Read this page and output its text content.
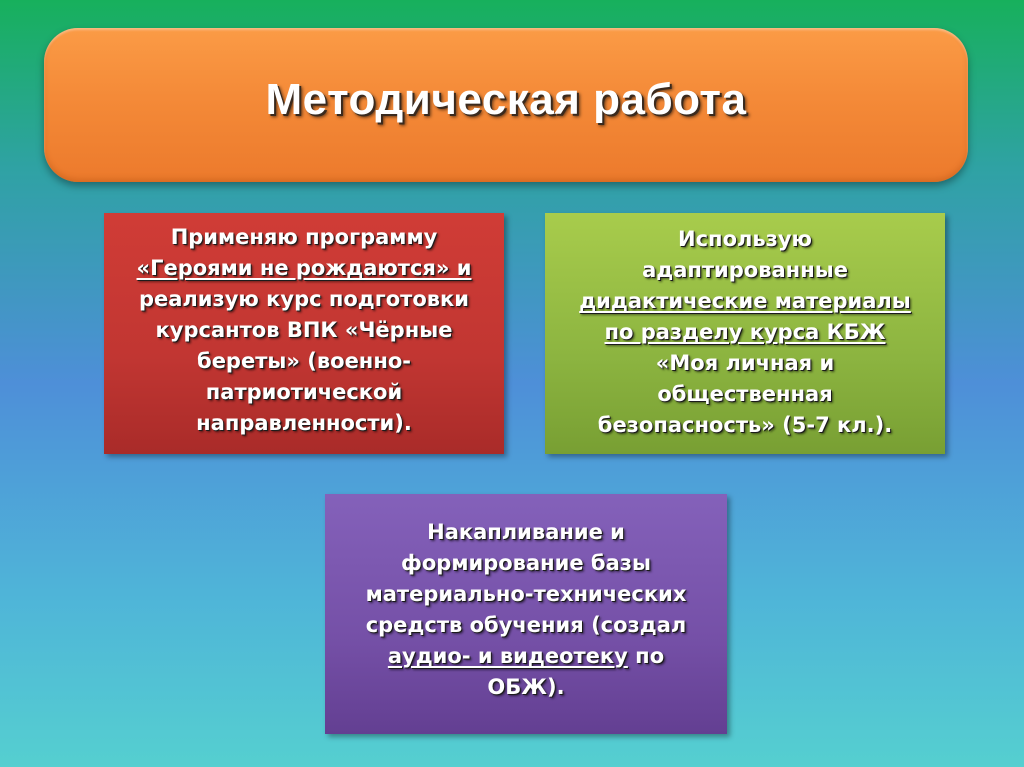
Методическая работа
Применяю программу
«Героями не рождаются» и
реализую курс подготовки
курсантов ВПК «Чёрные
береты» (военно-
патриотической
направленности).
Использую
адаптированные
дидактические материалы
по разделу курса КБЖ
«Моя личная и
общественная
безопасность» (5-7 кл.).
Накапливание и
формирование базы
материально-технических
средств обучения (создал
аудио- и видеотеку по
ОБЖ).
